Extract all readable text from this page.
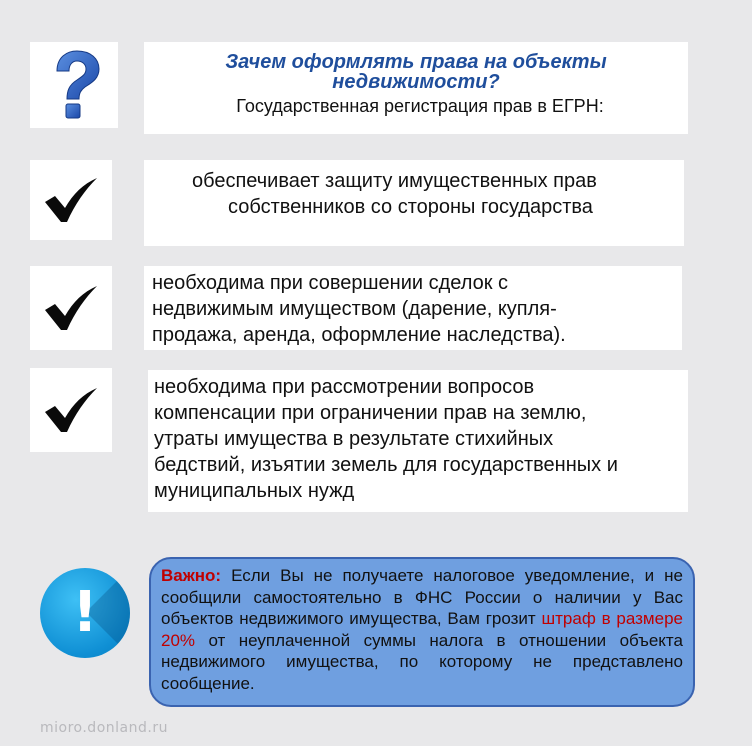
Зачем оформлять права на объекты недвижимости?
Государственная регистрация прав в ЕГРН:
обеспечивает защиту имущественных прав
собственников со стороны государства
необходима при совершении сделок с
недвижимым имуществом (дарение, купля-
продажа, аренда, оформление наследства).
необходима при рассмотрении вопросов
компенсации при ограничении прав на землю,
утраты имущества в результате стихийных
бедствий, изъятии земель для государственных и
муниципальных нужд
!
Важно: Если Вы не получаете налоговое уведомление, и не сообщили самостоятельно в ФНС России о наличии у Вас объектов недвижимого имущества, Вам грозит штраф в размере 20% от неуплаченной суммы налога в отношении объекта недвижимого имущества, по которому не представлено сообщение.
mioro.donland.ru
